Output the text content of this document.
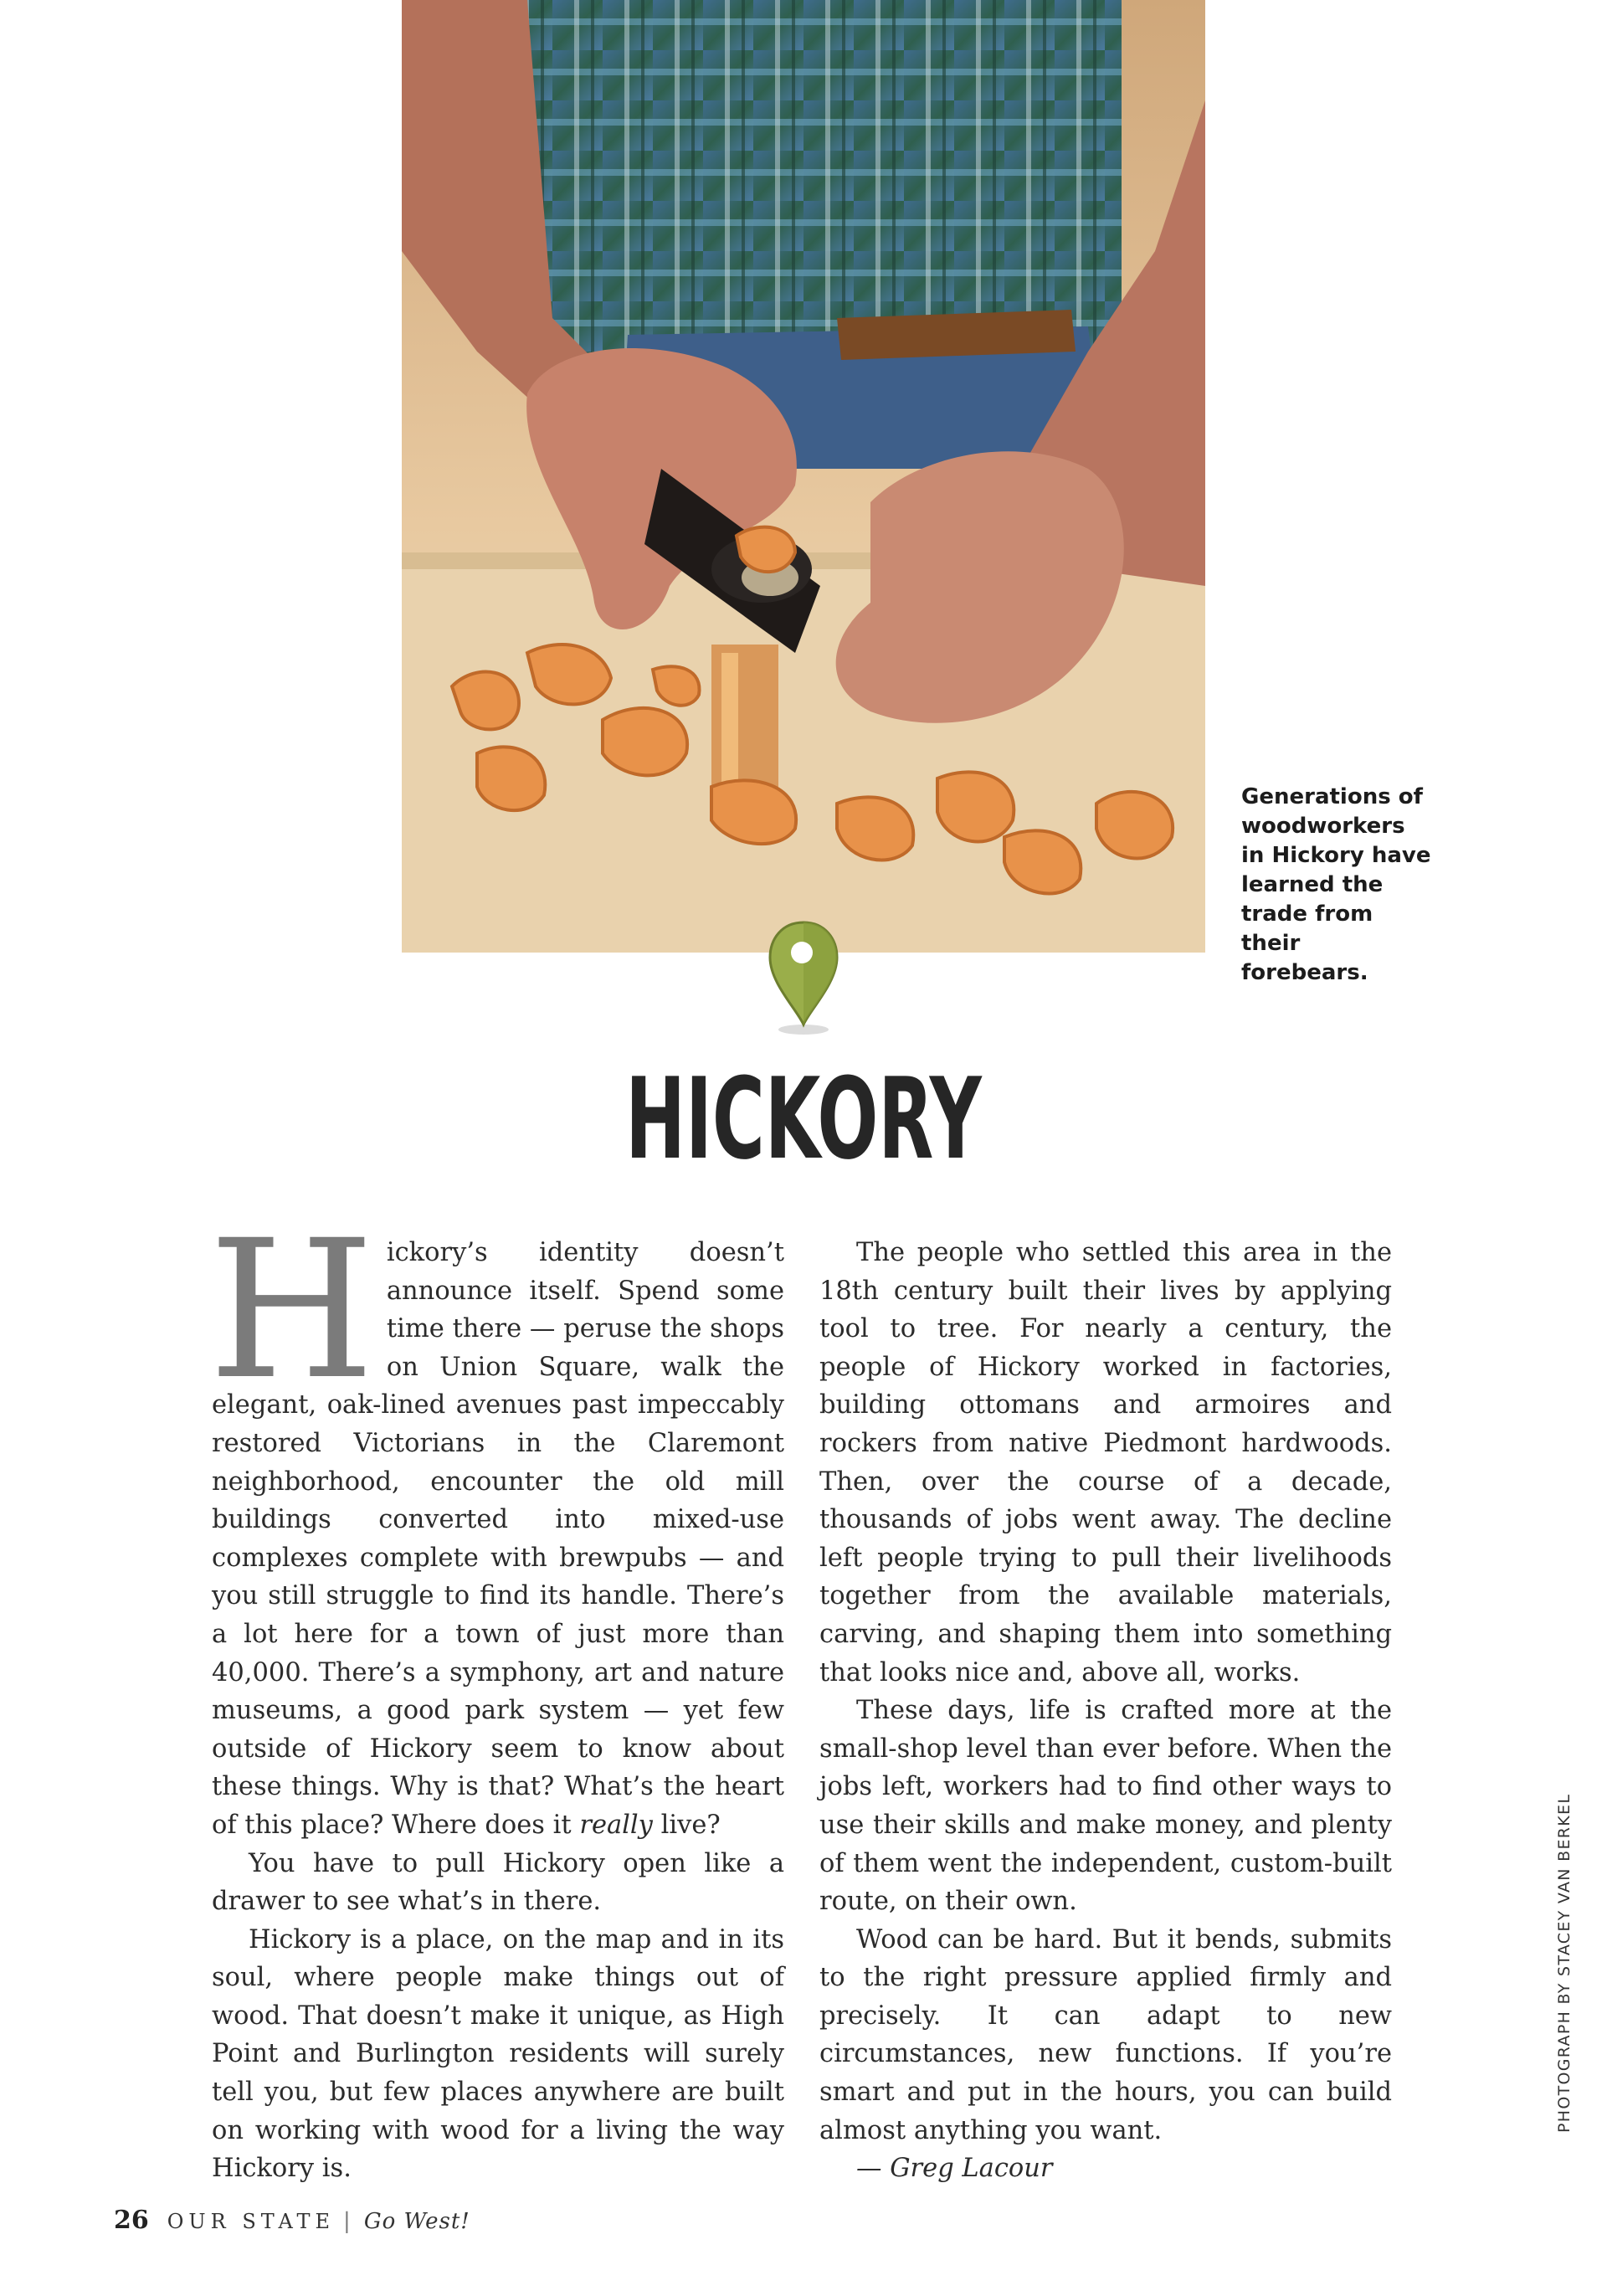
Generations of
woodworkers
in Hickory have
learned the
trade from their
forebears.
HICKORY

Hickory’s identity doesn’t announce itself. Spend some time there — peruse the shops on Union Square, walk the elegant, oak-lined avenues past impeccably restored Victorians in the Claremont neighborhood, encounter the old mill buildings converted into mixed-use complexes complete with brewpubs — and you still struggle to find its handle. There’s a lot here for a town of just more than 40,000. There’s a symphony, art and nature museums, a good park system — yet few outside of Hickory seem to know about these things. Why is that? What’s the heart of this place? Where does it really live?

You have to pull Hickory open like a drawer to see what’s in there.

Hickory is a place, on the map and in its soul, where people make things out of wood. That doesn’t make it unique, as High Point and Burlington residents will surely tell you, but few places anywhere are built on working with wood for a living the way Hickory is.

The people who settled this area in the 18th century built their lives by applying tool to tree. For nearly a century, the people of Hickory worked in factories, building ottomans and armoires and rockers from native Piedmont hardwoods. Then, over the course of a decade, thousands of jobs went away. The decline left people trying to pull their livelihoods together from the available materials, carving, and shaping them into something that looks nice and, above all, works.

These days, life is crafted more at the small-shop level than ever before. When the jobs left, workers had to find other ways to use their skills and make money, and plenty of them went the independent, custom-built route, on their own.

Wood can be hard. But it bends, submits to the right pressure applied firmly and precisely. It can adapt to new circumstances, new functions. If you’re smart and put in the hours, you can build almost anything you want.

— Greg Lacour

PHOTOGRAPH BY STACEY VAN BERKEL
26 OUR STATE | Go West!
